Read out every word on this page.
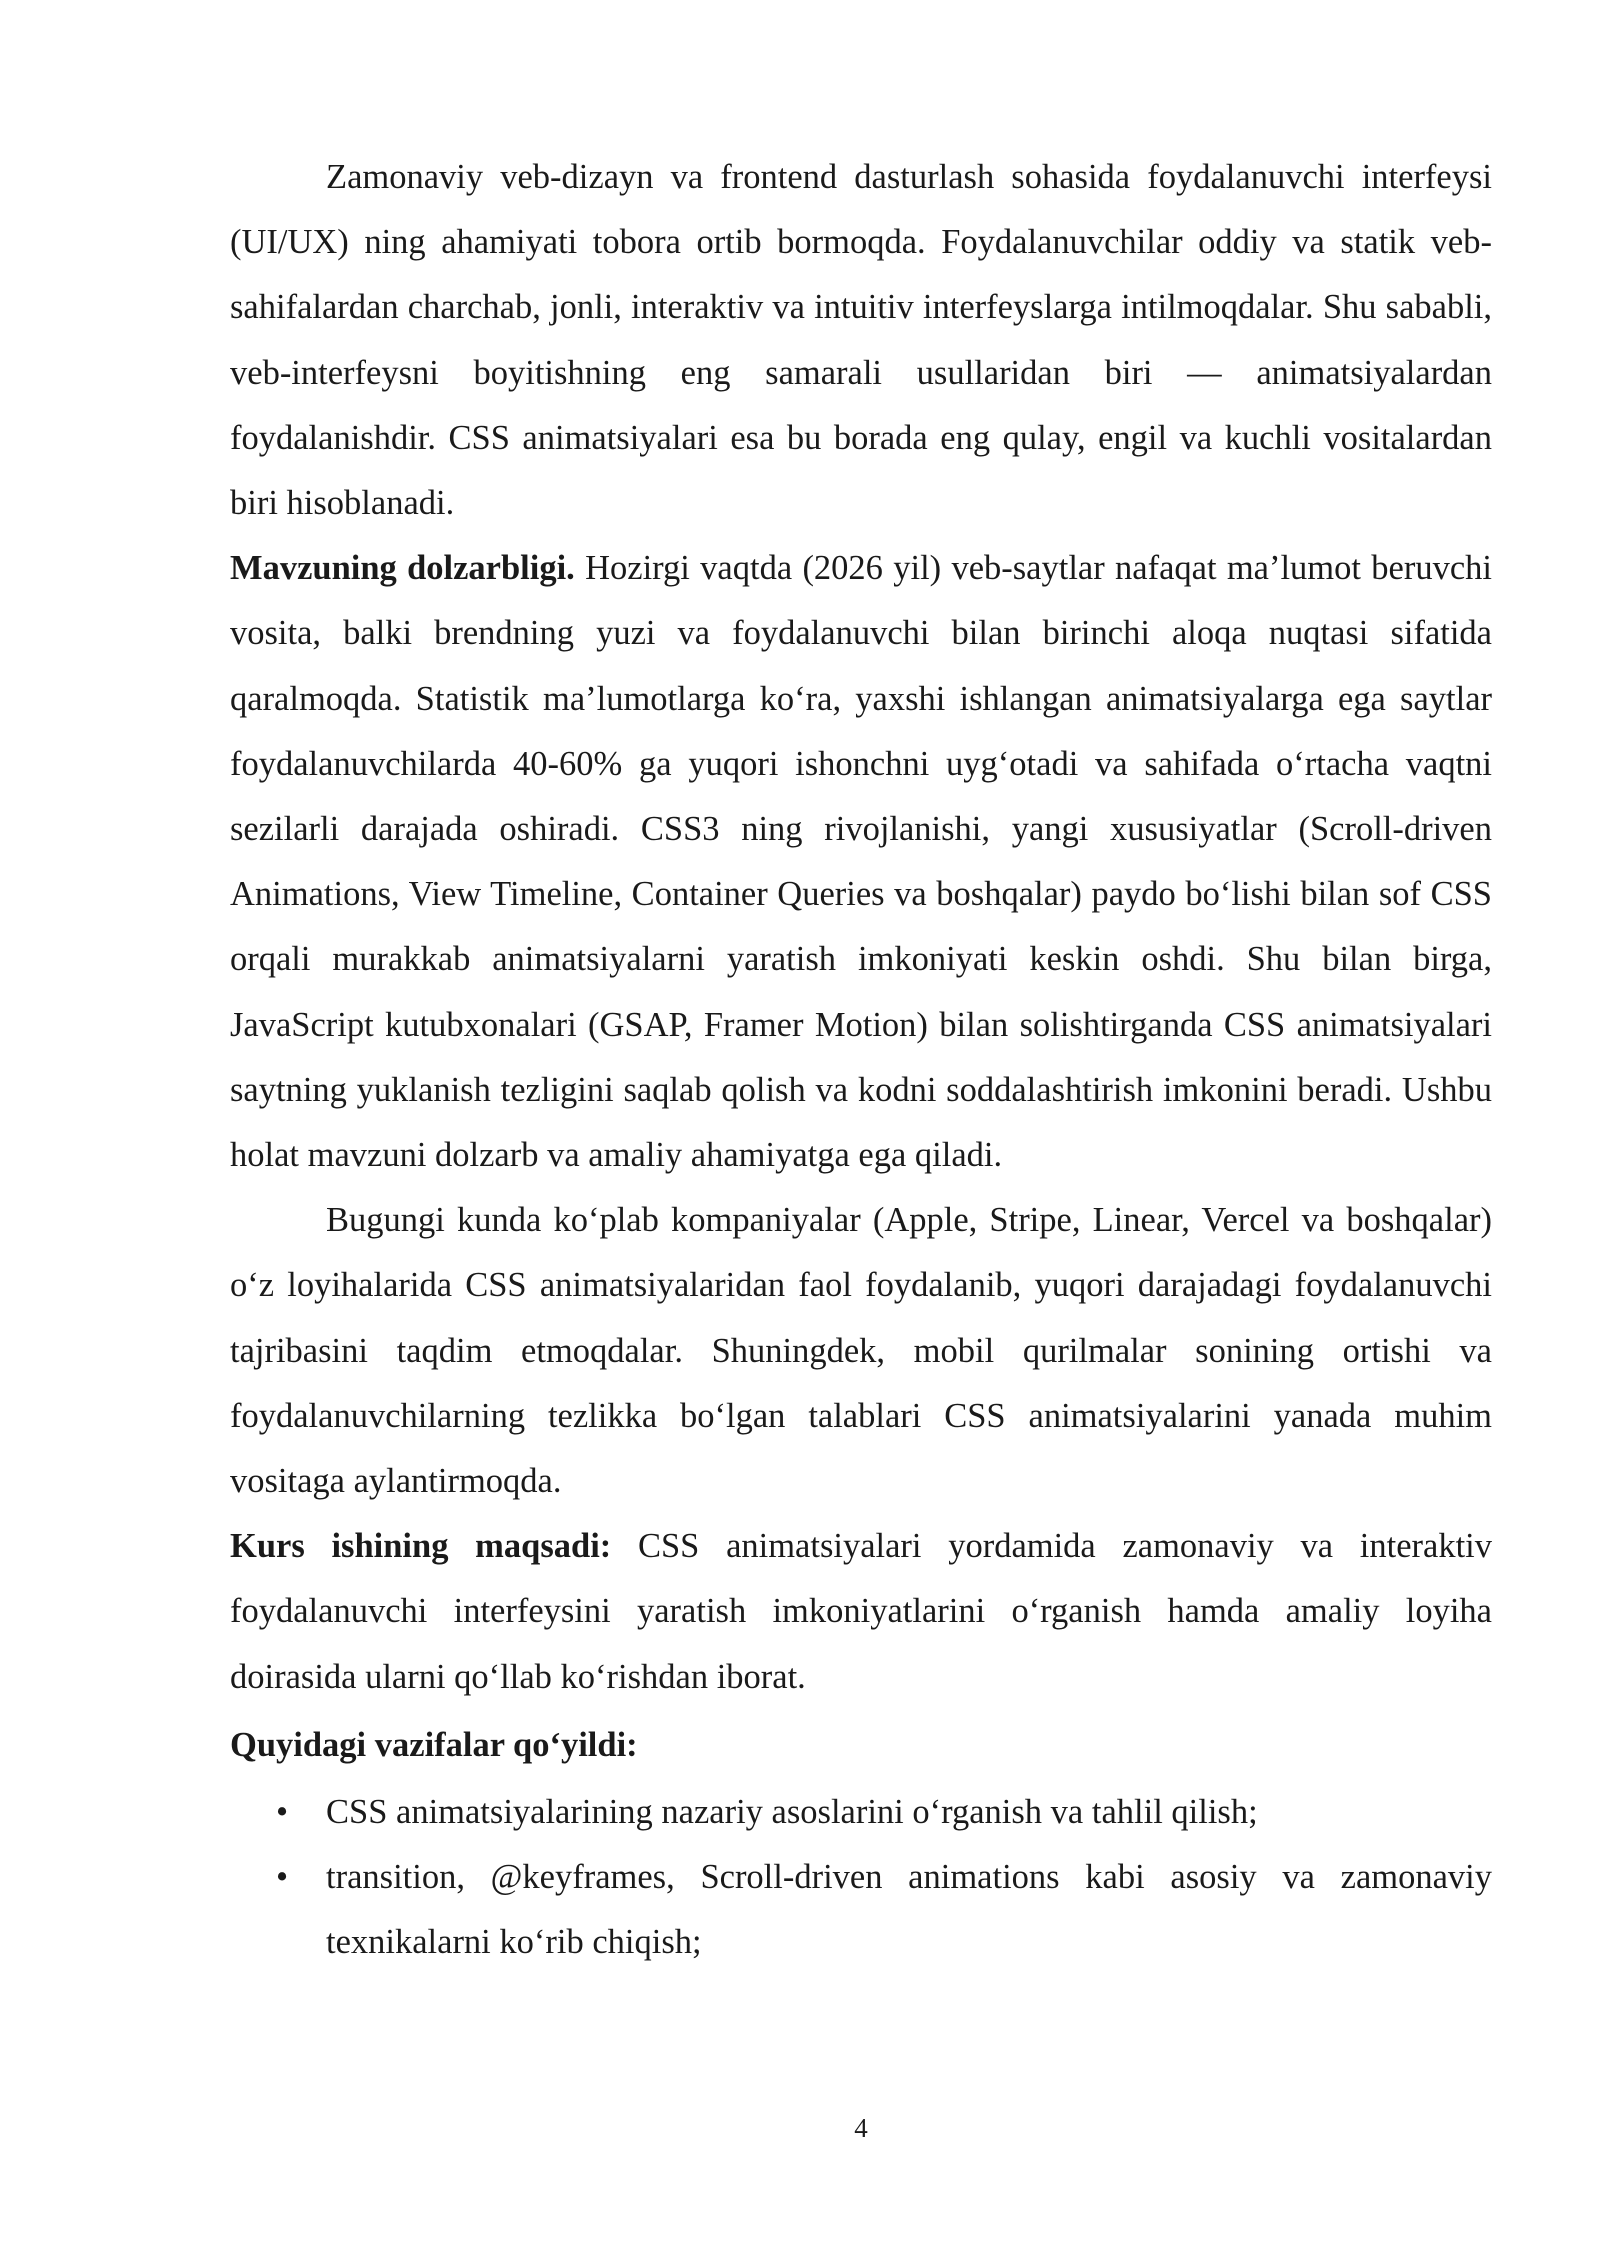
Zamonaviy veb-dizayn va frontend dasturlash sohasida foydalanuvchi interfeysi (UI/UX) ning ahamiyati tobora ortib bormoqda. Foydalanuvchilar oddiy va statik veb-sahifalardan charchab, jonli, interaktiv va intuitiv interfeyslarga intilmoqdalar. Shu sababli, veb-interfeysni boyitishning eng samarali usullaridan biri — animatsiyalardan foydalanishdir. CSS animatsiyalari esa bu borada eng qulay, engil va kuchli vositalardan biri hisoblanadi.

Mavzuning dolzarbligi. Hozirgi vaqtda (2026 yil) veb-saytlar nafaqat ma’lumot beruvchi vosita, balki brendning yuzi va foydalanuvchi bilan birinchi aloqa nuqtasi sifatida qaralmoqda. Statistik ma’lumotlarga ko‘ra, yaxshi ishlangan animatsiyalarga ega saytlar foydalanuvchilarda 40-60% ga yuqori ishonchni uyg‘otadi va sahifada o‘rtacha vaqtni sezilarli darajada oshiradi. CSS3 ning rivojlanishi, yangi xususiyatlar (Scroll-driven Animations, View Timeline, Container Queries va boshqalar) paydo bo‘lishi bilan sof CSS orqali murakkab animatsiyalarni yaratish imkoniyati keskin oshdi. Shu bilan birga, JavaScript kutubxonalari (GSAP, Framer Motion) bilan solishtirganda CSS animatsiyalari saytning yuklanish tezligini saqlab qolish va kodni soddalashtirish imkonini beradi. Ushbu holat mavzuni dolzarb va amaliy ahamiyatga ega qiladi.

Bugungi kunda ko‘plab kompaniyalar (Apple, Stripe, Linear, Vercel va boshqalar) o‘z loyihalarida CSS animatsiyalaridan faol foydalanib, yuqori darajadagi foydalanuvchi tajribasini taqdim etmoqdalar. Shuningdek, mobil qurilmalar sonining ortishi va foydalanuvchilarning tezlikka bo‘lgan talablari CSS animatsiyalarini yanada muhim vositaga aylantirmoqda.

Kurs ishining maqsadi: CSS animatsiyalari yordamida zamonaviy va interaktiv foydalanuvchi interfeysini yaratish imkoniyatlarini o‘rganish hamda amaliy loyiha doirasida ularni qo‘llab ko‘rishdan iborat.

Quyidagi vazifalar qo‘yildi:

• CSS animatsiyalarining nazariy asoslarini o‘rganish va tahlil qilish;
• transition, @keyframes, Scroll-driven animations kabi asosiy va zamonaviy texnikalarni ko‘rib chiqish;
4
